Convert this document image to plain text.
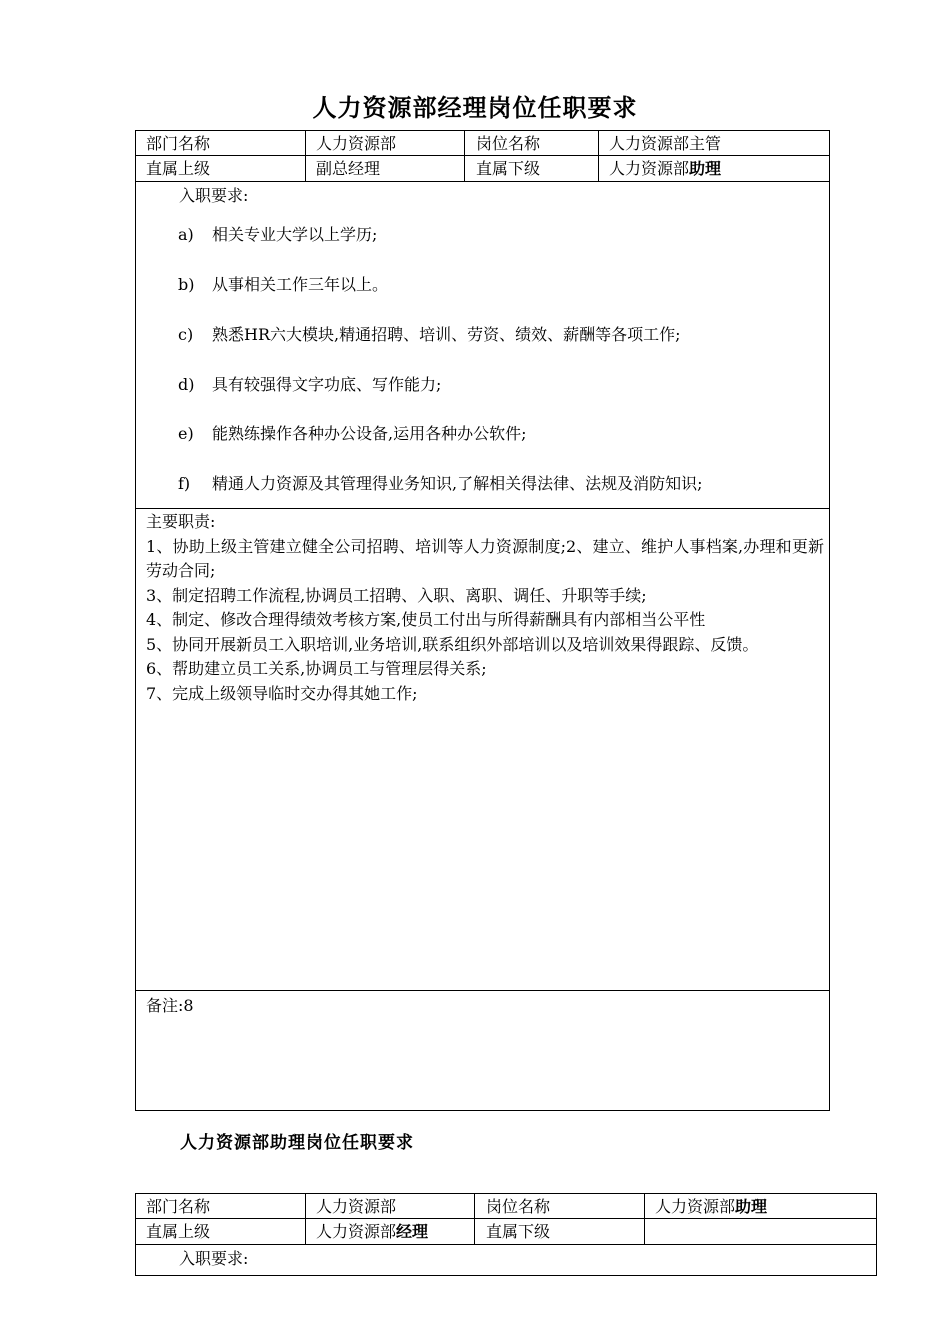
人力资源部经理岗位任职要求
部门名称	人力资源部	岗位名称	人力资源部主管
直属上级	副总经理	直属下级	人力资源部助理
入职要求:
a) 相关专业大学以上学历;
b) 从事相关工作三年以上。
c) 熟悉HR六大模块,精通招聘、培训、劳资、绩效、薪酬等各项工作;
d) 具有较强得文字功底、写作能力;
e) 能熟练操作各种办公设备,运用各种办公软件;
f) 精通人力资源及其管理得业务知识,了解相关得法律、法规及消防知识;

主要职责:

1、协助上级主管建立健全公司招聘、培训等人力资源制度;2、建立、维护人事档案,办理和更新劳动合同;

3、制定招聘工作流程,协调员工招聘、入职、离职、调任、升职等手续;

4、制定、修改合理得绩效考核方案,使员工付出与所得薪酬具有内部相当公平性

5、协同开展新员工入职培训,业务培训,联系组织外部培训以及培训效果得跟踪、反馈。

6、帮助建立员工关系,协调员工与管理层得关系;

7、完成上级领导临时交办得其她工作;

备注:8
人力资源部助理岗位任职要求
部门名称	人力资源部	岗位名称	人力资源部助理
直属上级	人力资源部经理	直属下级
入职要求:
